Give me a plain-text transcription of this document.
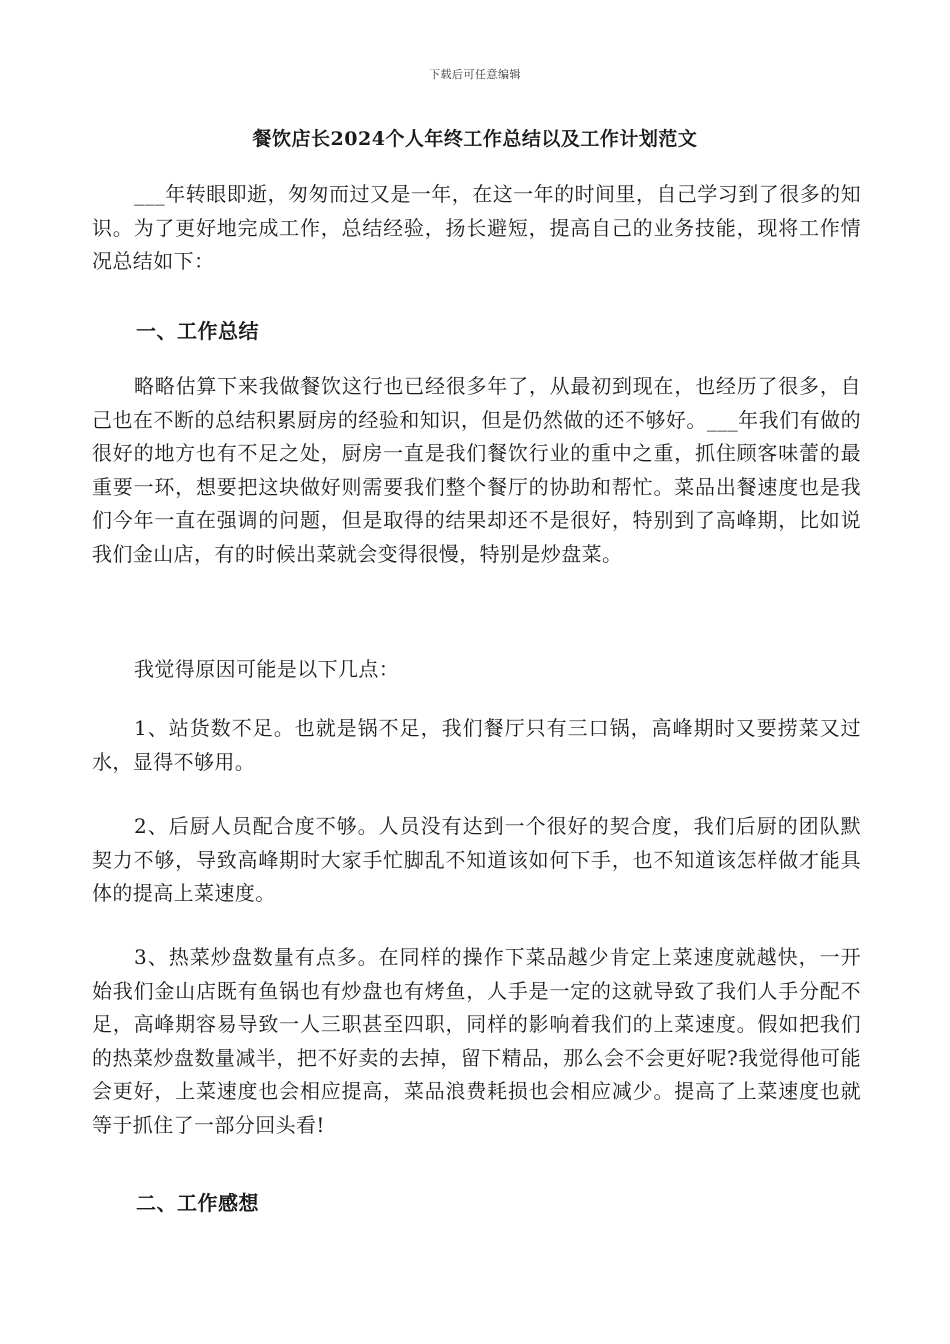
下载后可任意编辑
餐饮店长2024个人年终工作总结以及工作计划范文

___年转眼即逝，匆匆而过又是一年，在这一年的时间里，自己学习到了很多的知识。为了更好地完成工作，总结经验，扬长避短，提高自己的业务技能，现将工作情况总结如下：

一、工作总结

略略估算下来我做餐饮这行也已经很多年了，从最初到现在，也经历了很多，自己也在不断的总结积累厨房的经验和知识，但是仍然做的还不够好。___年我们有做的很好的地方也有不足之处，厨房一直是我们餐饮行业的重中之重，抓住顾客味蕾的最重要一环，想要把这块做好则需要我们整个餐厅的协助和帮忙。菜品出餐速度也是我们今年一直在强调的问题，但是取得的结果却还不是很好，特别到了高峰期，比如说我们金山店，有的时候出菜就会变得很慢，特别是炒盘菜。

我觉得原因可能是以下几点：

1、站货数不足。也就是锅不足，我们餐厅只有三口锅，高峰期时又要捞菜又过水，显得不够用。

2、后厨人员配合度不够。人员没有达到一个很好的契合度，我们后厨的团队默契力不够，导致高峰期时大家手忙脚乱不知道该如何下手，也不知道该怎样做才能具体的提高上菜速度。

3、热菜炒盘数量有点多。在同样的操作下菜品越少肯定上菜速度就越快，一开始我们金山店既有鱼锅也有炒盘也有烤鱼，人手是一定的这就导致了我们人手分配不足，高峰期容易导致一人三职甚至四职，同样的影响着我们的上菜速度。假如把我们的热菜炒盘数量减半，把不好卖的去掉，留下精品，那么会不会更好呢?我觉得他可能会更好，上菜速度也会相应提高，菜品浪费耗损也会相应减少。提高了上菜速度也就等于抓住了一部分回头看!

二、工作感想
